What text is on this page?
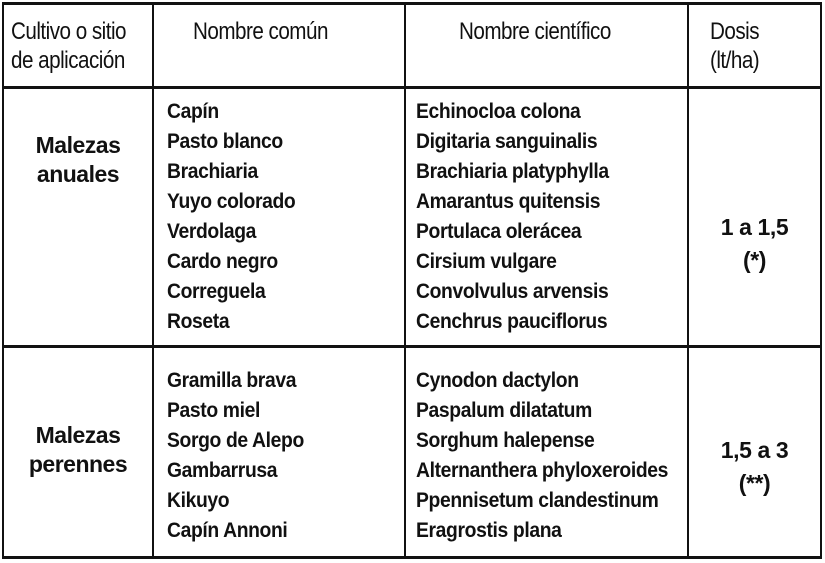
Cultivo o sitio
de aplicación
Nombre común	Nombre científico	Dosis
(lt/ha)
Malezas
anuales
Capín
Pasto blanco
Brachiaria
Yuyo colorado
Verdolaga
Cardo negro
Correguela
Roseta
Echinocloa colona
Digitaria sanguinalis
Brachiaria platyphylla
Amarantus quitensis
Portulaca olerácea
Cirsium vulgare
Convolvulus arvensis
Cenchrus pauciflorus
1 a 1,5
(*)
Malezas
perennes
Gramilla brava
Pasto miel
Sorgo de Alepo
Gambarrusa
Kikuyo
Capín Annoni
Cynodon dactylon
Paspalum dilatatum
Sorghum halepense
Alternanthera phyloxeroides
Ppennisetum clandestinum
Eragrostis plana
1,5 a 3
(**)
